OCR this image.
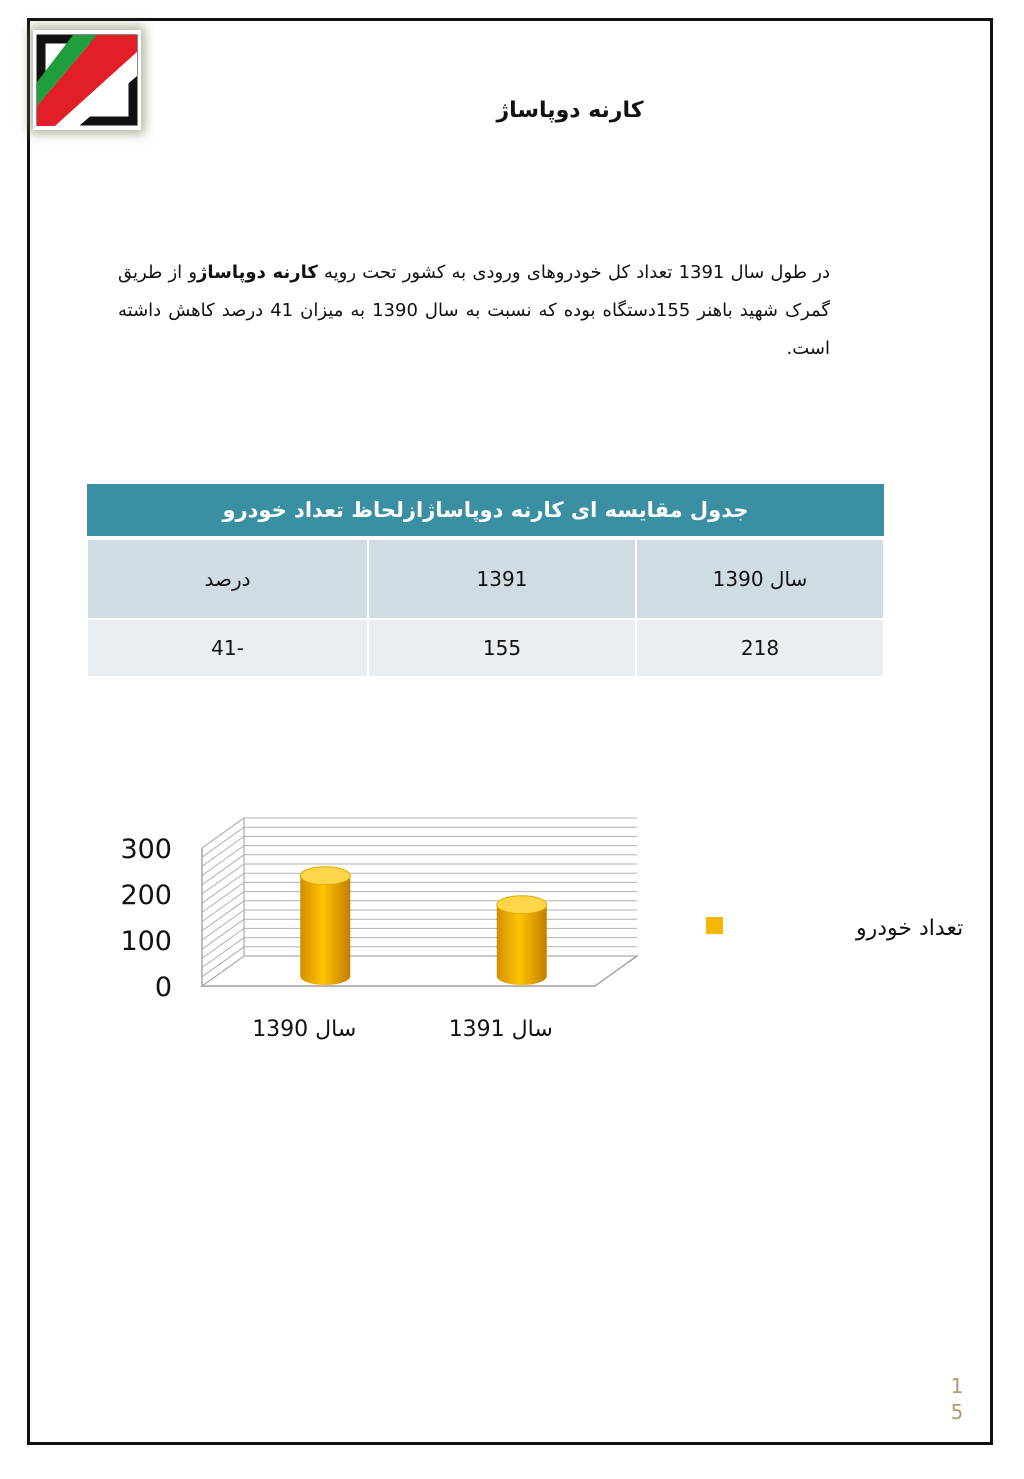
کارنه دوپاساژ

در طول سال 1391 تعداد کل خودروهای ورودی به کشور تحت رویه کارنه دوپاساژو از طریق گمرک شهید باهنر 155دستگاه بوده که نسبت به سال 1390 به میزان 41 درصد کاهش داشته است.

جدول مقایسه ای کارنه دوپاساژازلحاظ تعداد خودرو		
سال 1390	1391	درصد
218	155	-41
0
100
200
300
سال 1390	سال 1391
تعداد خودرو
1
5
